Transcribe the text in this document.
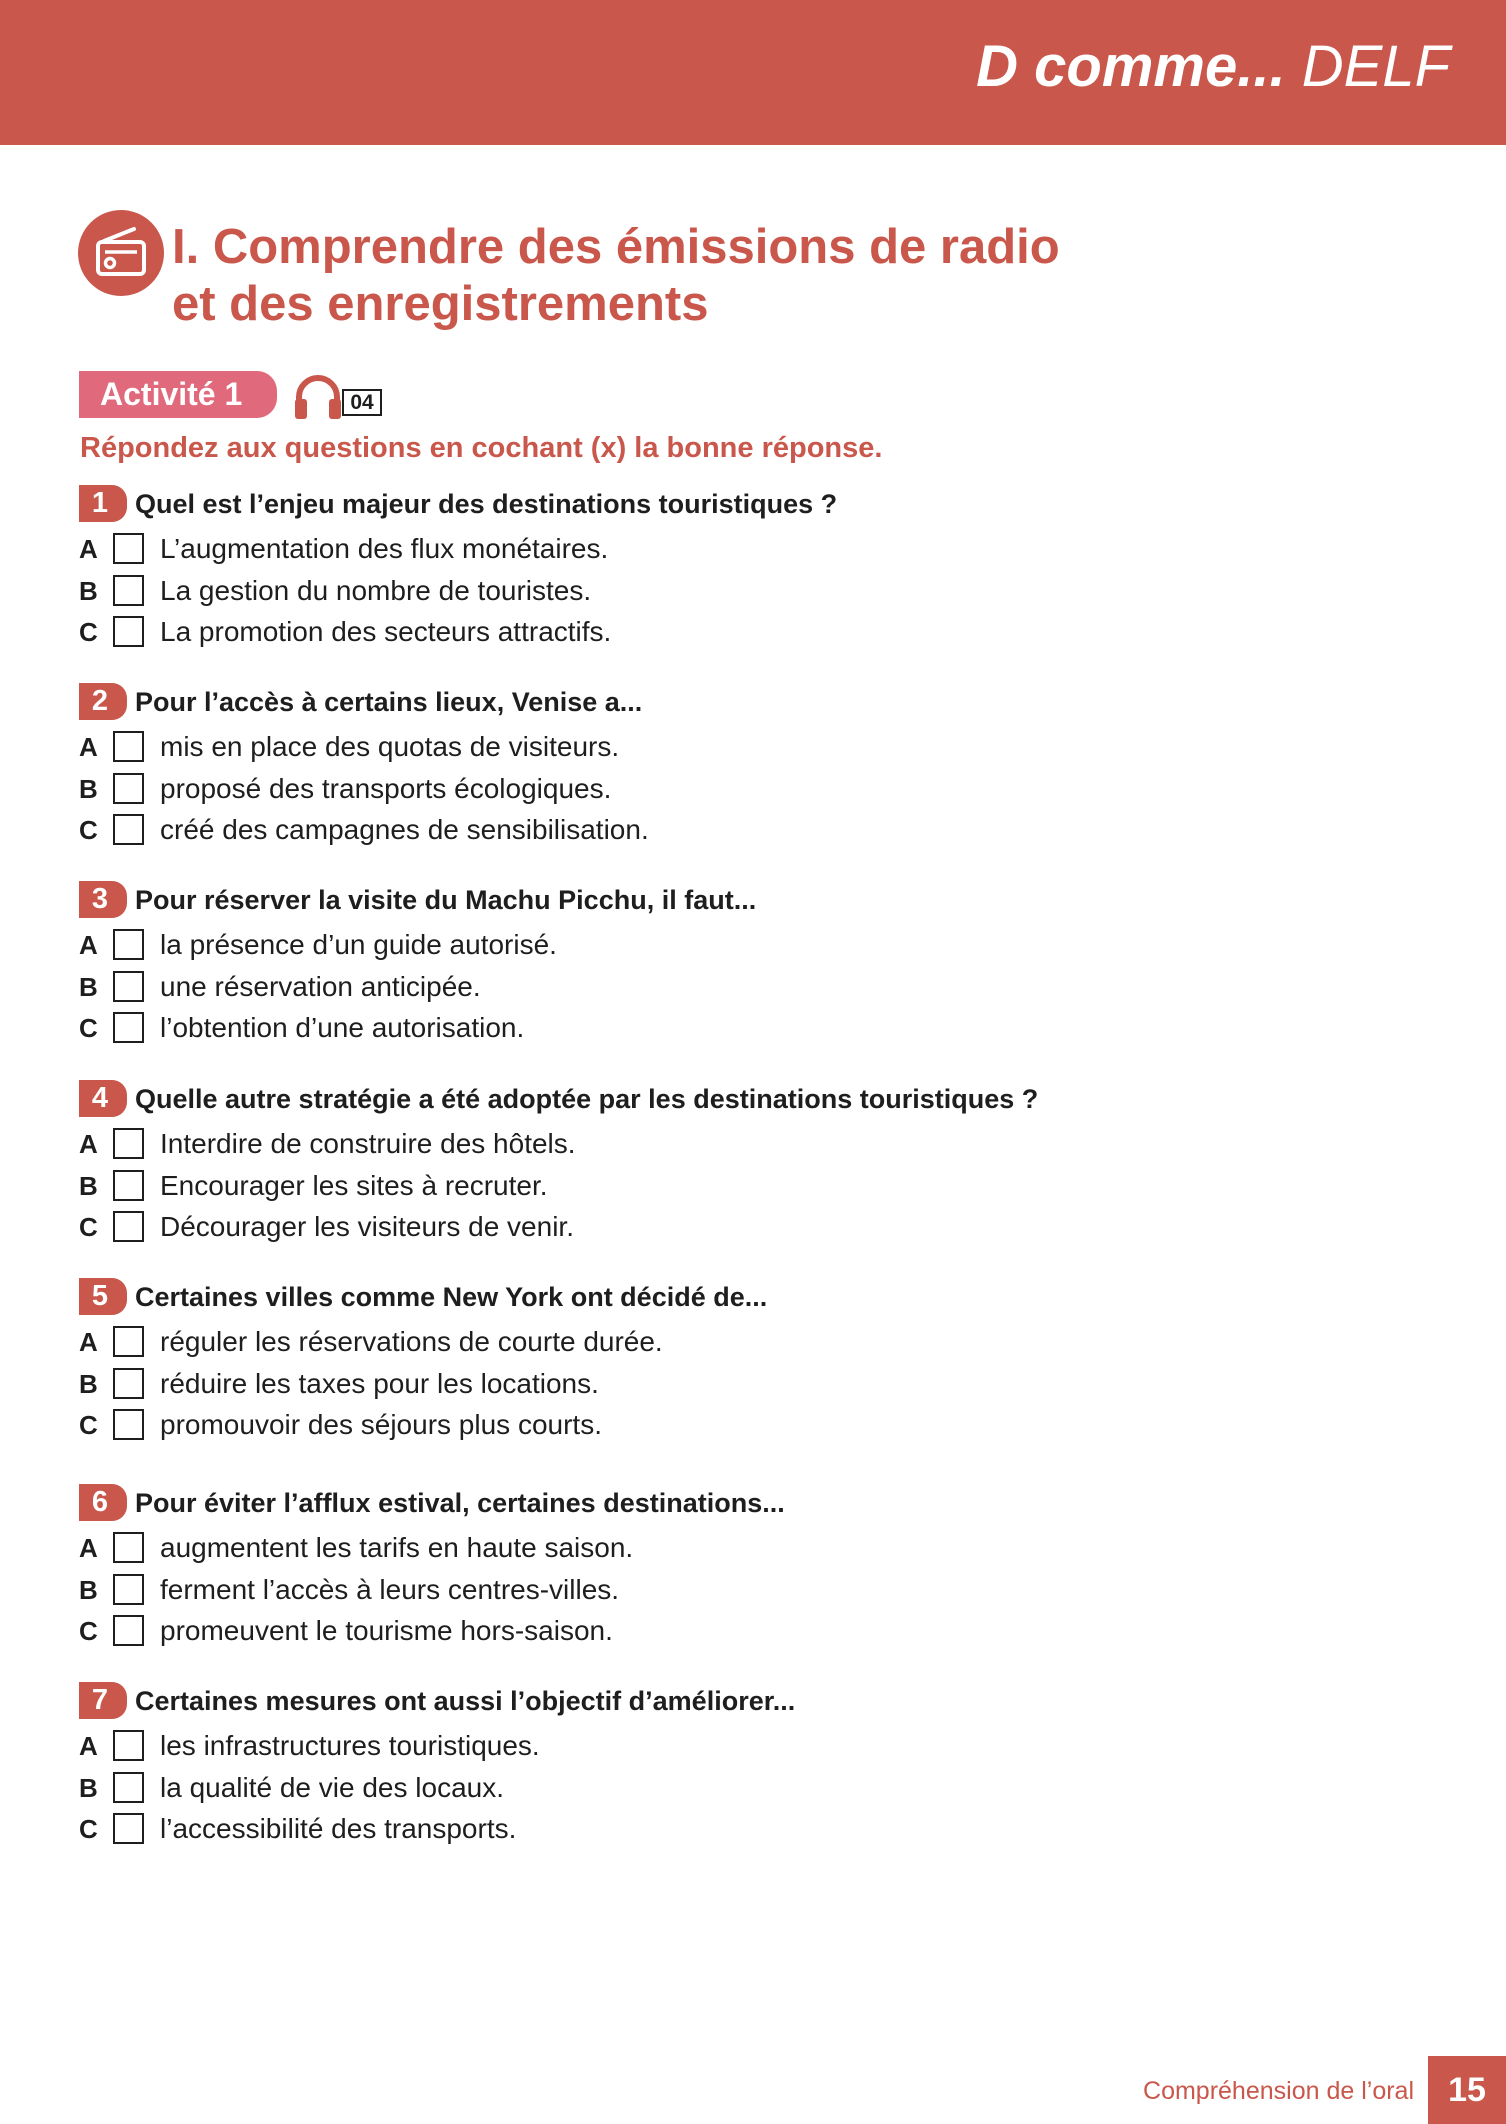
D comme... DELF
I. Comprendre des émissions de radio
et des enregistrements
Activité 1	04
Répondez aux questions en cochant (x) la bonne réponse.
1 Quel est l’enjeu majeur des destinations touristiques ?
A L’augmentation des flux monétaires.
B La gestion du nombre de touristes.
C La promotion des secteurs attractifs.
2 Pour l’accès à certains lieux, Venise a...
A mis en place des quotas de visiteurs.
B proposé des transports écologiques.
C créé des campagnes de sensibilisation.
3 Pour réserver la visite du Machu Picchu, il faut...
A la présence d’un guide autorisé.
B une réservation anticipée.
C l’obtention d’une autorisation.
4 Quelle autre stratégie a été adoptée par les destinations touristiques ?
A Interdire de construire des hôtels.
B Encourager les sites à recruter.
C Décourager les visiteurs de venir.
5 Certaines villes comme New York ont décidé de...
A réguler les réservations de courte durée.
B réduire les taxes pour les locations.
C promouvoir des séjours plus courts.
6 Pour éviter l’afflux estival, certaines destinations...
A augmentent les tarifs en haute saison.
B ferment l’accès à leurs centres-villes.
C promeuvent le tourisme hors-saison.
7 Certaines mesures ont aussi l’objectif d’améliorer...
A les infrastructures touristiques.
B la qualité de vie des locaux.
C l’accessibilité des transports.
Compréhension de l’oral	15
